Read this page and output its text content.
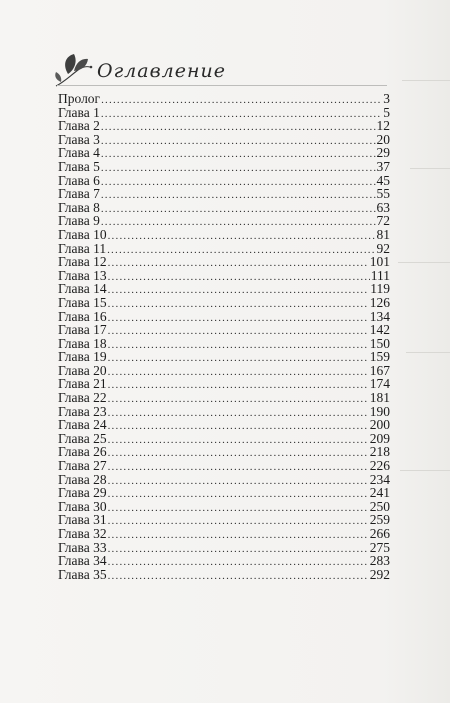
Оглавление
Пролог .....	3
Глава 1 .....	5
Глава 2 .....	12
Глава 3 .....	20
Глава 4 .....	29
Глава 5 .....	37
Глава 6 .....	45
Глава 7 .....	55
Глава 8 .....	63
Глава 9 .....	72
Глава 10 .....	81
Глава 11 .....	92
Глава 12 .....	101
Глава 13 .....	111
Глава 14 .....	119
Глава 15 .....	126
Глава 16 .....	134
Глава 17 .....	142
Глава 18 .....	150
Глава 19 .....	159
Глава 20 .....	167
Глава 21 .....	174
Глава 22 .....	181
Глава 23 .....	190
Глава 24 .....	200
Глава 25 .....	209
Глава 26 .....	218
Глава 27 .....	226
Глава 28 .....	234
Глава 29 .....	241
Глава 30 .....	250
Глава 31 .....	259
Глава 32 .....	266
Глава 33 .....	275
Глава 34 .....	283
Глава 35 .....	292
